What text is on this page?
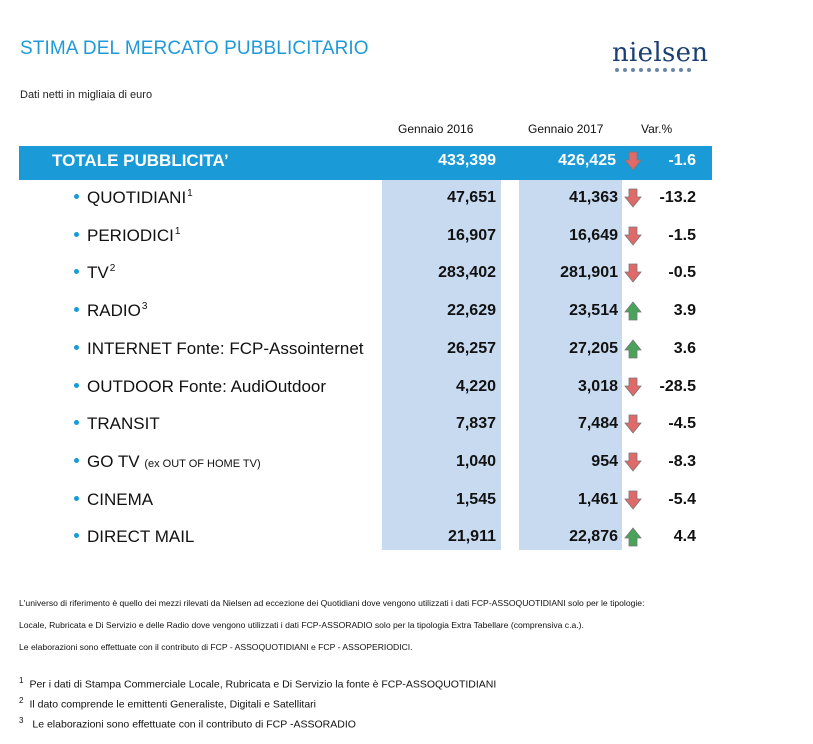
STIMA DEL MERCATO PUBBLICITARIO	nielsen
Dati netti in migliaia di euro
Gennaio 2016	Gennaio 2017	Var.%
TOTALE PUBBLICITA’	433,399	426,425	-1.6
QUOTIDIANI$^1$	47,651	41,363	-13.2
PERIODICI$^1$	16,907	16,649	-1.5
$TV^2$	283,402	281,901	-0.5
RADIO$^3$	22,629	23,514	3.9
INTERNET Fonte: FCP-Assointernet	26,257	27,205	3.6
OUTDOOR Fonte: AudiOutdoor	4,220	3,018	-28.5
TRANSIT	7,837	7,484	-4.5
GO TV (ex OUT OF HOME TV)	1,040	954	-8.3
CINEMA	1,545	1,461	-5.4
DIRECT MAIL	21,911	22,876	4.4
L'universo di riferimento è quello dei mezzi rilevati da Nielsen ad eccezione dei Quotidiani dove vengono utilizzati i dati FCP-ASSOQUOTIDIANI solo per le tipologie:
Locale, Rubricata e Di Servizio e delle Radio dove vengono utilizzati i dati FCP-ASSORADIO solo per la tipologia Extra Tabellare (comprensiva c.a.).
Le elaborazioni sono effettuate con il contributo di FCP - ASSOQUOTIDIANI e FCP - ASSOPERIODICI.
$^1$ Per i dati di Stampa Commerciale Locale, Rubricata e Di Servizio la fonte è FCP-ASSOQUOTIDIANI
$^2$ Il dato comprende le emittenti Generaliste, Digitali e Satellitari
$^3$ Le elaborazioni sono effettuate con il contributo di FCP -ASSORADIO
